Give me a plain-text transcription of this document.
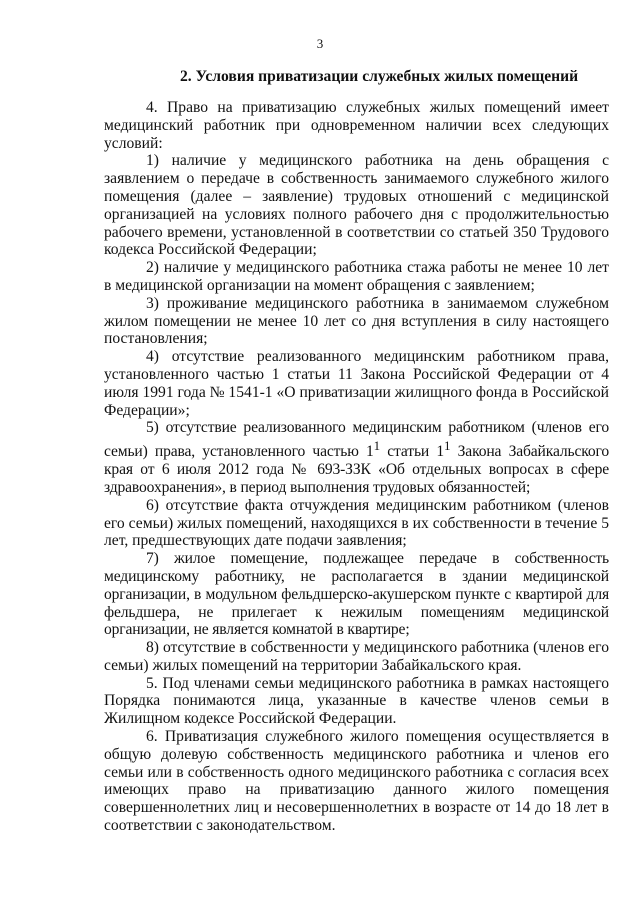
3
2. Условия приватизации служебных жилых помещений

4. Право на приватизацию служебных жилых помещений имеет медицинский работник при одновременном наличии всех следующих условий:

1) наличие у медицинского работника на день обращения с заявлением о передаче в собственность занимаемого служебного жилого помещения (далее – заявление) трудовых отношений с медицинской организацией на условиях полного рабочего дня с продолжительностью рабочего времени, установленной в соответствии со статьей 350 Трудового кодекса Российской Федерации;

2) наличие у медицинского работника стажа работы не менее 10 лет в медицинской организации на момент обращения с заявлением;

3) проживание медицинского работника в занимаемом служебном жилом помещении не менее 10 лет со дня вступления в силу настоящего постановления;

4) отсутствие реализованного медицинским работником права, установленного частью 1 статьи 11 Закона Российской Федерации от 4 июля 1991 года № 1541-1 «О приватизации жилищного фонда в Российской Федерации»;

5) отсутствие реализованного медицинским работником (членов его семьи) права, установленного частью $1^1$ статьи $1^1$ Закона Забайкальского края от 6 июля 2012 года № 693-ЗЗК «Об отдельных вопросах в сфере здравоохранения», в период выполнения трудовых обязанностей;

6) отсутствие факта отчуждения медицинским работником (членов его семьи) жилых помещений, находящихся в их собственности в течение 5 лет, предшествующих дате подачи заявления;

7) жилое помещение, подлежащее передаче в собственность медицинскому работнику, не располагается в здании медицинской организации, в модульном фельдшерско-акушерском пункте с квартирой для фельдшера, не прилегает к нежилым помещениям медицинской организации, не является комнатой в квартире;

8) отсутствие в собственности у медицинского работника (членов его семьи) жилых помещений на территории Забайкальского края.

5. Под членами семьи медицинского работника в рамках настоящего Порядка понимаются лица, указанные в качестве членов семьи в Жилищном кодексе Российской Федерации.

6. Приватизация служебного жилого помещения осуществляется в общую долевую собственность медицинского работника и членов его семьи или в собственность одного медицинского работника с согласия всех имеющих право на приватизацию данного жилого помещения совершеннолетних лиц и несовершеннолетних в возрасте от 14 до 18 лет в соответствии с законодательством.
